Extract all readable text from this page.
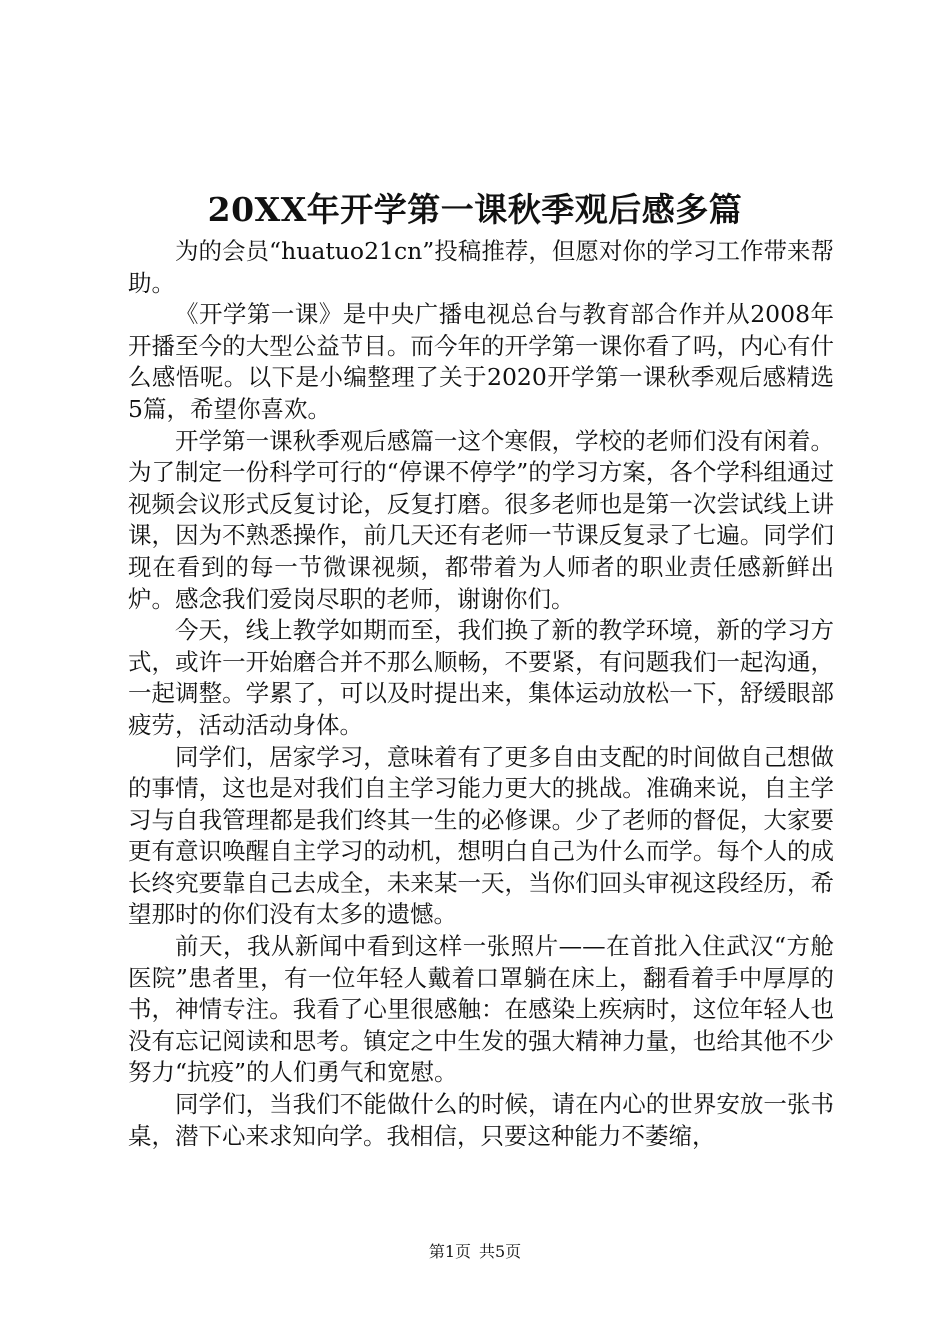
20XX年开学第一课秋季观后感多篇

为的会员“huatuo21cn”投稿推荐，但愿对你的学习工作带来帮助。

《开学第一课》是中央广播电视总台与教育部合作并从2008年开播至今的大型公益节目。而今年的开学第一课你看了吗，内心有什么感悟呢。以下是小编整理了关于2020开学第一课秋季观后感精选5篇，希望你喜欢。

开学第一课秋季观后感篇一这个寒假，学校的老师们没有闲着。为了制定一份科学可行的“停课不停学”的学习方案，各个学科组通过视频会议形式反复讨论，反复打磨。很多老师也是第一次尝试线上讲课，因为不熟悉操作，前几天还有老师一节课反复录了七遍。同学们现在看到的每一节微课视频，都带着为人师者的职业责任感新鲜出炉。感念我们爱岗尽职的老师，谢谢你们。

今天，线上教学如期而至，我们换了新的教学环境，新的学习方式，或许一开始磨合并不那么顺畅，不要紧，有问题我们一起沟通，一起调整。学累了，可以及时提出来，集体运动放松一下，舒缓眼部疲劳，活动活动身体。

同学们，居家学习，意味着有了更多自由支配的时间做自己想做的事情，这也是对我们自主学习能力更大的挑战。准确来说，自主学习与自我管理都是我们终其一生的必修课。少了老师的督促，大家要更有意识唤醒自主学习的动机，想明白自己为什么而学。每个人的成长终究要靠自己去成全，未来某一天，当你们回头审视这段经历，希望那时的你们没有太多的遗憾。

前天，我从新闻中看到这样一张照片——在首批入住武汉“方舱医院”患者里，有一位年轻人戴着口罩躺在床上，翻看着手中厚厚的书，神情专注。我看了心里很感触：在感染上疾病时，这位年轻人也没有忘记阅读和思考。镇定之中生发的强大精神力量，也给其他不少努力“抗疫”的人们勇气和宽慰。

同学们，当我们不能做什么的时候，请在内心的世界安放一张书桌，潜下心来求知向学。我相信，只要这种能力不萎缩，

第1页 共5页
